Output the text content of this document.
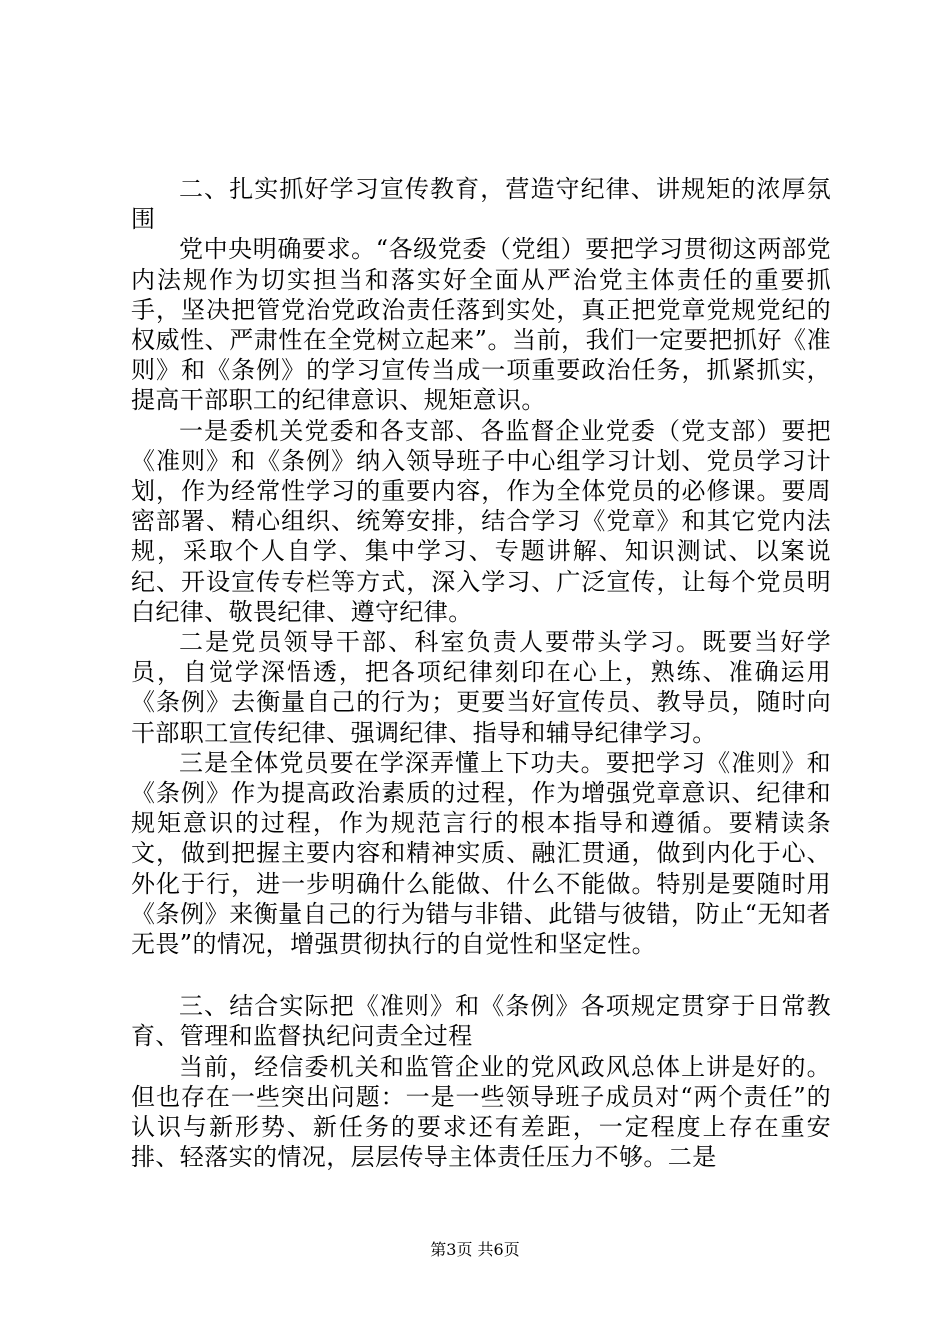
二、扎实抓好学习宣传教育，营造守纪律、讲规矩的浓厚氛围

党中央明确要求。“各级党委（党组）要把学习贯彻这两部党内法规作为切实担当和落实好全面从严治党主体责任的重要抓手，坚决把管党治党政治责任落到实处，真正把党章党规党纪的权威性、严肃性在全党树立起来”。当前，我们一定要把抓好《准则》和《条例》的学习宣传当成一项重要政治任务，抓紧抓实，提高干部职工的纪律意识、规矩意识。

一是委机关党委和各支部、各监督企业党委（党支部）要把《准则》和《条例》纳入领导班子中心组学习计划、党员学习计划，作为经常性学习的重要内容，作为全体党员的必修课。要周密部署、精心组织、统筹安排，结合学习《党章》和其它党内法规，采取个人自学、集中学习、专题讲解、知识测试、以案说纪、开设宣传专栏等方式，深入学习、广泛宣传，让每个党员明白纪律、敬畏纪律、遵守纪律。

二是党员领导干部、科室负责人要带头学习。既要当好学员，自觉学深悟透，把各项纪律刻印在心上，熟练、准确运用《条例》去衡量自己的行为；更要当好宣传员、教导员，随时向干部职工宣传纪律、强调纪律、指导和辅导纪律学习。

三是全体党员要在学深弄懂上下功夫。要把学习《准则》和《条例》作为提高政治素质的过程，作为增强党章意识、纪律和规矩意识的过程，作为规范言行的根本指导和遵循。要精读条文，做到把握主要内容和精神实质、融汇贯通，做到内化于心、外化于行，进一步明确什么能做、什么不能做。特别是要随时用《条例》来衡量自己的行为错与非错、此错与彼错，防止“无知者无畏”的情况，增强贯彻执行的自觉性和坚定性。

三、结合实际把《准则》和《条例》各项规定贯穿于日常教育、管理和监督执纪问责全过程

当前，经信委机关和监管企业的党风政风总体上讲是好的。但也存在一些突出问题：一是一些领导班子成员对“两个责任”的认识与新形势、新任务的要求还有差距，一定程度上存在重安排、轻落实的情况，层层传导主体责任压力不够。二是

第3页 共6页
